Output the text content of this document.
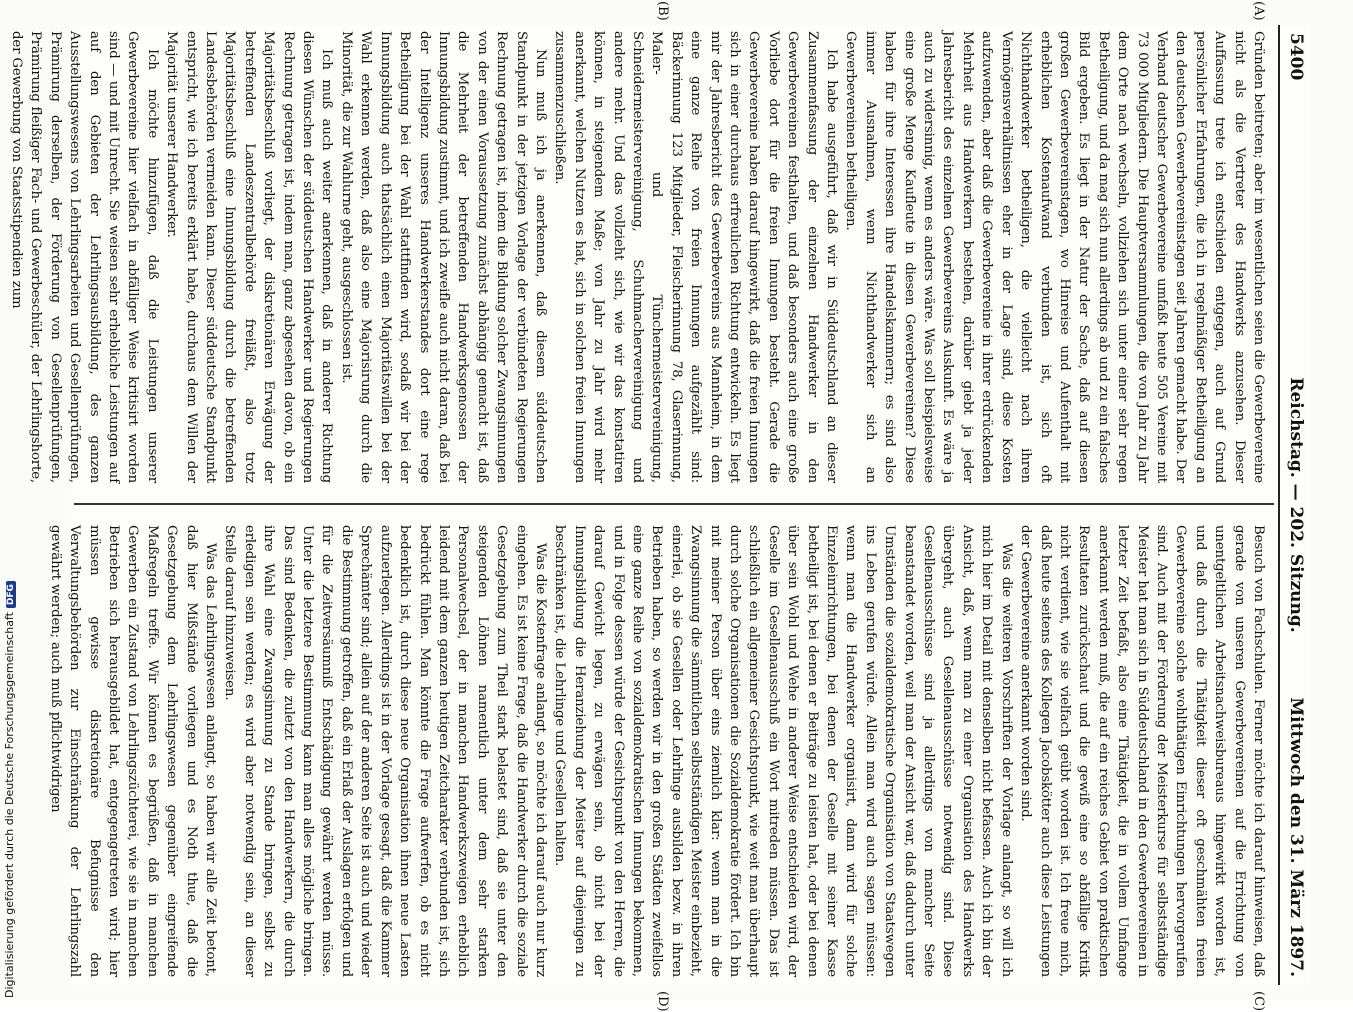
5400
Reichstag. — 202. Sitzung.
Mittwoch den 31. März 1897.
(A)
(B)
(C)
(D)

Gründen beitreten; aber im wesentlichen seien die Gewerbevereine nicht als die Vertreter des Handwerks anzusehen. Dieser Auffassung trete ich entschieden entgegen, auch auf Grund persönlicher Erfahrungen, die ich in regelmäßiger Betheiligung an den deutschen Gewerbevereinstagen seit Jahren gemacht habe. Der Verband deutscher Gewerbevereine umfaßt heute 505 Vereine mit 73 000 Mitgliedern. Die Hauptversammlungen, die von Jahr zu Jahr dem Orte nach wechseln, vollziehen sich unter einer sehr regen Betheiligung, und da mag sich nun allerdings ab und zu ein falsches Bild ergeben. Es liegt in der Natur der Sache, daß auf diesen großen Gewerbevereinstagen, wo Hinreise und Aufenthalt mit erheblichen Kostenaufwand verbunden ist, sich oft Nichthandwerker betheiligen, die vielleicht nach ihren Vermögensverhältnissen eher in der Lage sind, diese Kosten aufzuwenden, aber daß die Gewerbevereine in ihrer erdrückenden Mehrheit aus Handwerkern bestehen, darüber giebt ja jeder Jahresbericht des einzelnen Gewerbevereins Auskunft. Es wäre ja auch zu widersinnig, wenn es anders wäre. Was soll beispielsweise eine große Menge Kaufleute in diesen Gewerbevereinen? Diese haben für ihre Interessen ihre Handelskammern; es sind also immer Ausnahmen, wenn Nichthandwerker sich an Gewerbevereinen betheiligen.

Ich habe ausgeführt, daß wir in Süddeutschland an dieser Zusammenfassung der einzelnen Handwerker in den Gewerbevereinen festhalten, und daß besonders auch eine große Vorliebe dort für die freien Innungen besteht. Gerade die Gewerbevereine haben darauf hingewirkt, daß die freien Innungen sich in einer durchaus erfreulichen Richtung entwickeln. Es liegt mir der Jahresbericht des Gewerbevereins aus Mannheim, in dem eine ganze Reihe von freien Innungen aufgezählt sind: Bäckerinnung 123 Mitglieder, Fleischerinnung 78, Glaserinnung, Maler- und Tünchermeistervereinigung, Schneidermeistervereinigung, Schuhmachervereinigung und andere mehr. Und das vollzieht sich, wie wir das konstatiren können, in steigendem Maße; von Jahr zu Jahr wird mehr anerkannt, welchen Nutzen es hat, sich in solchen freien Innungen zusammenzuschließen.

Nun muß ich ja anerkennen, daß diesem süddeutschen Standpunkt in der jetzigen Vorlage der verbündeten Regierungen Rechnung getragen ist, indem die Bildung solcher Zwangsinnungen von der einen Voraussetzung zunächst abhängig gemacht ist, daß die Mehrheit der betreffenden Handwerksgenossen der Innungsbildung zustimmt, und ich zweifle auch nicht daran, daß bei der Intelligenz unseres Handwerkerstandes dort eine rege Betheiligung bei der Wahl stattfinden wird, sodaß wir bei der Innungsbildung auch thatsächlich einen Majoritätswillen bei der Wahl erkennen werden, daß also eine Majorisirung durch die Minorität, die zur Wahlurne geht, ausgeschlossen ist.

Ich muß auch weiter anerkennen, daß in anderer Richtung diesen Wünschen der süddeutschen Handwerker und Regierungen Rechnung getragen ist, indem man, ganz abgesehen davon, ob ein Majoritätsbeschluß vorliegt, der diskretionären Erwägung der betreffenden Landeszentralbehörde freiläßt, also trotz Majoritätsbeschluß eine Innungsbildung durch die betreffenden Landesbehörden vermeiden kann. Dieser süddeutsche Standpunkt entspricht, wie ich bereits erklärt habe, durchaus dem Willen der Majorität unserer Handwerker.

Ich möchte hinzufügen, daß die Leistungen unserer Gewerbevereine hier vielfach in abfälliger Weise kritisirt worden sind — und mit Unrecht. Sie weisen sehr erhebliche Leistungen auf auf den Gebieten der Lehrlingsausbildung, des ganzen Ausstellungswesens von Lehrlingsarbeiten und Gesellenprüfungen, Prämirung derselben, der Förderung von Gesellenprüfungen, Prämirung fleißiger Fach- und Gewerbeschüler, der Lehrlingshorte, der Gewerbung von Staatsstipendien zum

Besuch von Fachschulen. Ferner möchte ich darauf hinweisen, daß gerade von unseren Gewerbevereinen auf die Errichtung von unentgeltlichen Arbeitsnachweisbureaus hingewirkt worden ist, und daß durch die Thätigkeit dieser oft geschmähten freien Gewerbevereine solche wohlthätigen Einrichtungen hervorgerufen sind. Auch mit der Förderung der Meisterkurse für selbstständige Meister hat man sich in Süddeutschland in den Gewerbevereinen in letzter Zeit befaßt, also eine Thätigkeit, die in vollem Umfange anerkannt werden muß, die auf ein reiches Gebiet von praktischen Resultaten zurückschaut und die gewiß eine so abfällige Kritik nicht verdient, wie sie vielfach geübt worden ist. Ich freue mich, daß heute seitens des Kollegen Jacobskötter auch diese Leistungen der Gewerbevereine anerkannt worden sind.

Was die weiteren Vorschriften der Vorlage anlangt, so will ich mich hier im Detail mit denselben nicht befassen. Auch ich bin der Ansicht, daß, wenn man zu einer Organisation des Handwerks übergeht, auch Gesellenausschüsse notwendig sind. Diese Gesellenausschüsse sind ja allerdings von mancher Seite beanstandet worden, weil man der Ansicht war, daß dadurch unter Umständen die sozialdemokratische Organisation von Staatswegen ins Leben gerufen würde. Allein man wird auch sagen müssen: wenn man die Handwerker organisirt, dann wird für solche Einzeleinrichtungen, bei denen der Geselle mit seiner Kasse betheiligt ist, bei denen er Beiträge zu leisten hat, oder bei denen über sein Wohl und Wehe in anderer Weise entschieden wird, der Geselle im Gesellenausschuß ein Wort mitreden müssen. Das ist schließlich ein allgemeiner Gesichtspunkt, wie weit man überhaupt durch solche Organisationen die Sozialdemokratie fördert. Ich bin mit meiner Person über eins ziemlich klar: wenn man in die Zwangsinnung die sämmtlichen selbstständigen Meister einbezieht, einerlei, ob sie Gesellen oder Lehrlinge ausbilden bezw. in ihren Betrieben haben, so werden wir in den großen Städten zweifellos eine ganze Reihe von sozialdemokratischen Innungen bekommen, und in Folge dessen würde der Gesichtspunkt von den Herren, die darauf Gewicht legen, zu erwägen sein, ob nicht bei der Innungsbildung die Heranziehung der Meister auf diejenigen zu beschränken ist, die Lehrlinge und Gesellen halten.

Was die Kostenfrage anlangt, so möchte ich darauf auch nur kurz eingehen. Es ist keine Frage, daß die Handwerker durch die soziale Gesetzgebung zum Theil stark belastet sind, daß sie unter den steigenden Löhnen namentlich unter dem sehr starken Personalwechsel, der in manchen Handwerkszweigen erheblich leidend mit dem ganzen heutigen Zeitcharakter verbunden ist, sich bedrückt fühlen. Man könnte die Frage aufwerfen, ob es nicht bedenklich ist, durch diese neue Organisation ihnen neue Lasten aufzuerlegen. Allerdings ist in der Vorlage gesagt, daß die Kammer Sprechämter sind; allein auf der anderen Seite ist auch und wieder die Bestimmung getroffen, daß ein Erlaß der Auslagen erfolgen und für die Zeitversäumniß Entschädigung gewährt werden müsse. Unter die letztere Bestimmung kann man alles mögliche bringen. Das sind Bedenken, die zuletzt von den Handwerkern, die durch ihre Wahl eine Zwangsinnung zu Stande bringen, selbst zu erledigen sein werden; es wird aber notwendig sein, an dieser Stelle darauf hinzuweisen.

Was das Lehrlingswesen anlangt, so haben wir alle Zeit betont, daß hier Mißstände vorliegen und es Noth thue, daß die Gesetzgebung dem Lehrlingswesen gegenüber eingreifende Maßregeln treffe. Wir können es begrüßen, daß in manchen Gewerben ein Zustand von Lehrlingszüchterei, wie sie in manchen Betrieben sich herausgebildet hat, entgegengetreten wird; hier müssen gewisse diskretionäre Befugnisse den Verwaltungsbehörden zur Einschränkung der Lehrlingszahl gewährt werden; auch muß pflichtwidrigen

Digitalisierung gefördert durch die Deutsche ForschungsgemeinschaftDFG
